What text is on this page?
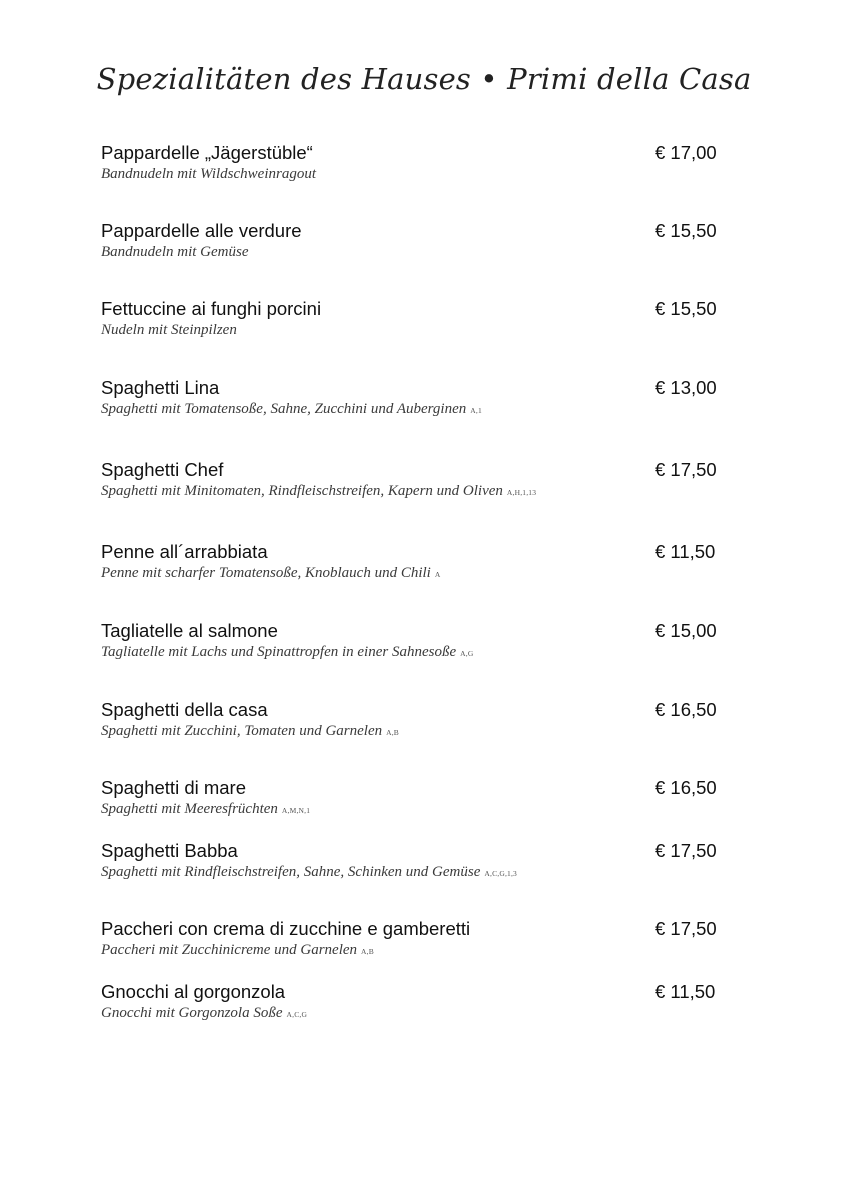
Spezialitäten des Hauses • Primi della Casa
Pappardelle „Jägerstüble“	€ 17,00
Bandnudeln mit Wildschweinragout
Pappardelle alle verdure	€ 15,50
Bandnudeln mit Gemüse
Fettuccine ai funghi porcini	€ 15,50
Nudeln mit Steinpilzen
Spaghetti Lina	€ 13,00
Spaghetti mit Tomatensoße, Sahne, Zucchini und Auberginen A,1
Spaghetti Chef	€ 17,50
Spaghetti mit Minitomaten, Rindfleischstreifen, Kapern und Oliven A,H,1,13
Penne all´arrabbiata	€ 11,50
Penne mit scharfer Tomatensoße, Knoblauch und Chili A
Tagliatelle al salmone	€ 15,00
Tagliatelle mit Lachs und Spinattropfen in einer Sahnesoße A,G
Spaghetti della casa	€ 16,50
Spaghetti mit Zucchini, Tomaten und Garnelen A,B
Spaghetti di mare	€ 16,50
Spaghetti mit Meeresfrüchten A,M,N,1
Spaghetti Babba	€ 17,50
Spaghetti mit Rindfleischstreifen, Sahne, Schinken und Gemüse A,C,G,1,3
Paccheri con crema di zucchine e gamberetti	€ 17,50
Paccheri mit Zucchinicreme und Garnelen A,B
Gnocchi al gorgonzola	€ 11,50
Gnocchi mit Gorgonzola Soße A,C,G
